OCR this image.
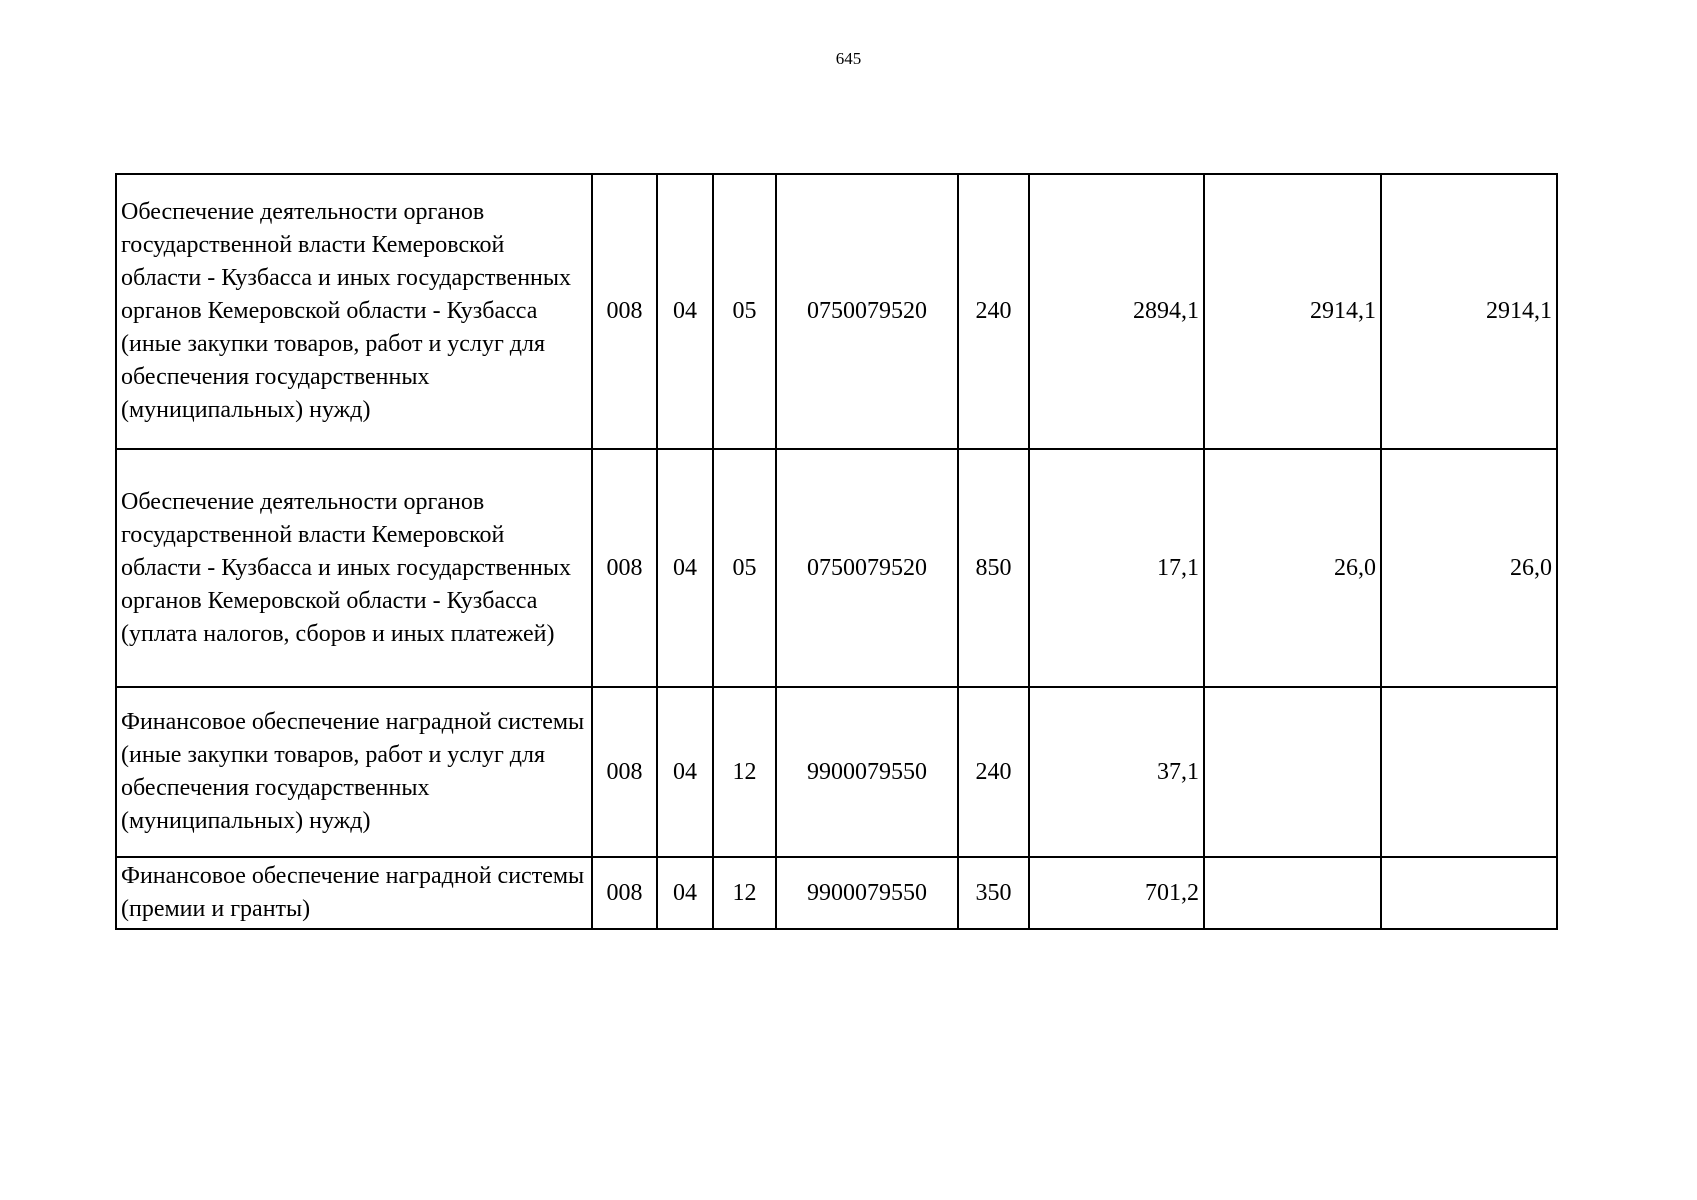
645
Обеспечение деятельности органов государственной власти Кемеровской области - Кузбасса и иных государственных органов Кемеровской области - Кузбасса (иные закупки товаров, работ и услуг для обеспечения государственных (муниципальных) нужд)	008	04	05	0750079520	240	2894,1	2914,1	2914,1
Обеспечение деятельности органов государственной власти Кемеровской области - Кузбасса и иных государственных органов Кемеровской области - Кузбасса (уплата налогов, сборов и иных платежей)	008	04	05	0750079520	850	17,1	26,0	26,0
Финансовое обеспечение наградной системы (иные закупки товаров, работ и услуг для обеспечения государственных (муниципальных) нужд)	008	04	12	9900079550	240	37,1		
Финансовое обеспечение наградной системы (премии и гранты)	008	04	12	9900079550	350	701,2		
